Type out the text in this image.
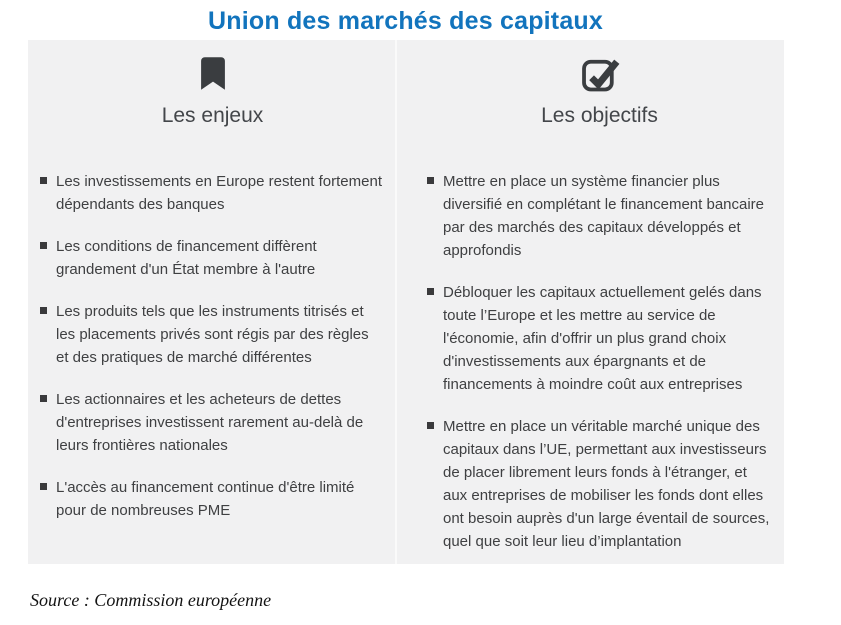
Union des marchés des capitaux
Les enjeux
Les investissements en Europe restent fortement dépendants des banques
Les conditions de financement diffèrent grandement d'un État membre à l'autre
Les produits tels que les instruments titrisés et les placements privés sont régis par des règles et des pratiques de marché différentes
Les actionnaires et les acheteurs de dettes d'entreprises investissent rarement au-delà de leurs frontières nationales
L'accès au financement continue d'être limité pour de nombreuses PME
Les objectifs
Mettre en place un système financier plus diversifié en complétant le financement bancaire par des marchés des capitaux développés et approfondis
Débloquer les capitaux actuellement gelés dans toute l’Europe et les mettre au service de l'économie, afin d'offrir un plus grand choix d'investissements aux épargnants et de financements à moindre coût aux entreprises
Mettre en place un véritable marché unique des capitaux dans l’UE, permettant aux investisseurs de placer librement leurs fonds à l'étranger, et aux entreprises de mobiliser les fonds dont elles ont besoin auprès d'un large éventail de sources, quel que soit leur lieu d’implantation
Source : Commission européenne
